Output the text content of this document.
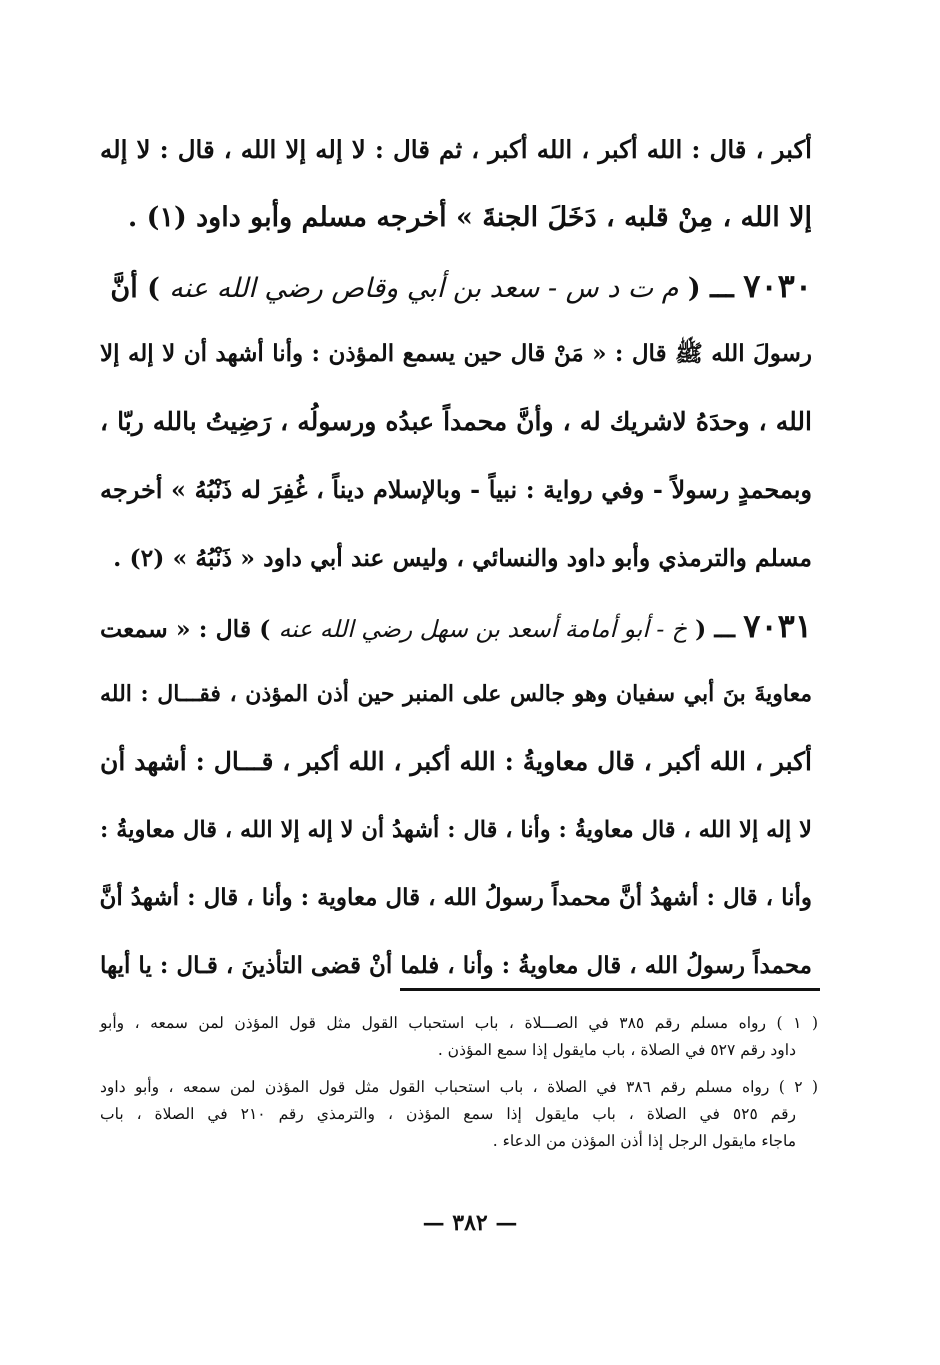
أكبر ، قال : الله أكبر ، الله أكبر ، ثم قال : لا إله إلا الله ، قال : لا إله
إلا الله ، مِنْ قلبه ، دَخَلَ الجنةَ » أخرجه مسلم وأبو داود (١) .
٧٠٣٠ ـــ ( م ت د س - سعد بن أبي وقاص رضي الله عنه ) أنَّ
رسولَ الله ﷺ قال : « مَنْ قال حين يسمع المؤذن : وأنا أشهد أن لا إله إلا
الله ، وحدَهُ لاشريك له ، وأنَّ محمداً عبدُه ورسولُه ، رَضِيتُ بالله ربّا ،
وبمحمدٍ رسولاً - وفي رواية : نبياً - وبالإسلام ديناً ، غُفِرَ له ذَنْبُهُ » أخرجه
مسلم والترمذي وأبو داود والنسائي ، وليس عند أبي داود « ذَنْبُهُ » (٢) .
٧٠٣١ ـــ ( خ - أبو أمامة أسعد بن سهل رضي الله عنه ) قال : « سمعت
معاويةَ بنَ أبي سفيان وهو جالس على المنبر حين أذن المؤذن ، فقـــال : الله
أكبر ، الله أكبر ، قال معاويةُ : الله أكبر ، الله أكبر ، قـــال : أشهد أن
لا إله إلا الله ، قال معاويةُ : وأنا ، قال : أشهدُ أن لا إله إلا الله ، قال معاويةُ :
وأنا ، قال : أشهدُ أنَّ محمداً رسولُ الله ، قال معاوية : وأنا ، قال : أشهدُ أنَّ
محمداً رسولُ الله ، قال معاويةُ : وأنا ، فلما أنْ قضى التأذينَ ، قـال : يا أيها
( ١ ) رواه مسلم رقم ٣٨٥ في الصـــلاة ، باب استحباب القول مثل قول المؤذن لمن سمعه ، وأبو
داود رقم ٥٢٧ في الصلاة ، باب مايقول إذا سمع المؤذن .
( ٢ ) رواه مسلم رقم ٣٨٦ في الصلاة ، باب استحباب القول مثل قول المؤذن لمن سمعه ، وأبو داود
رقم ٥٢٥ في الصلاة ، باب مايقول إذا سمع المؤذن ، والترمذي رقم ٢١٠ في الصلاة ، باب
ماجاء مايقول الرجل إذا أذن المؤذن من الدعاء .
— ٣٨٢ —
